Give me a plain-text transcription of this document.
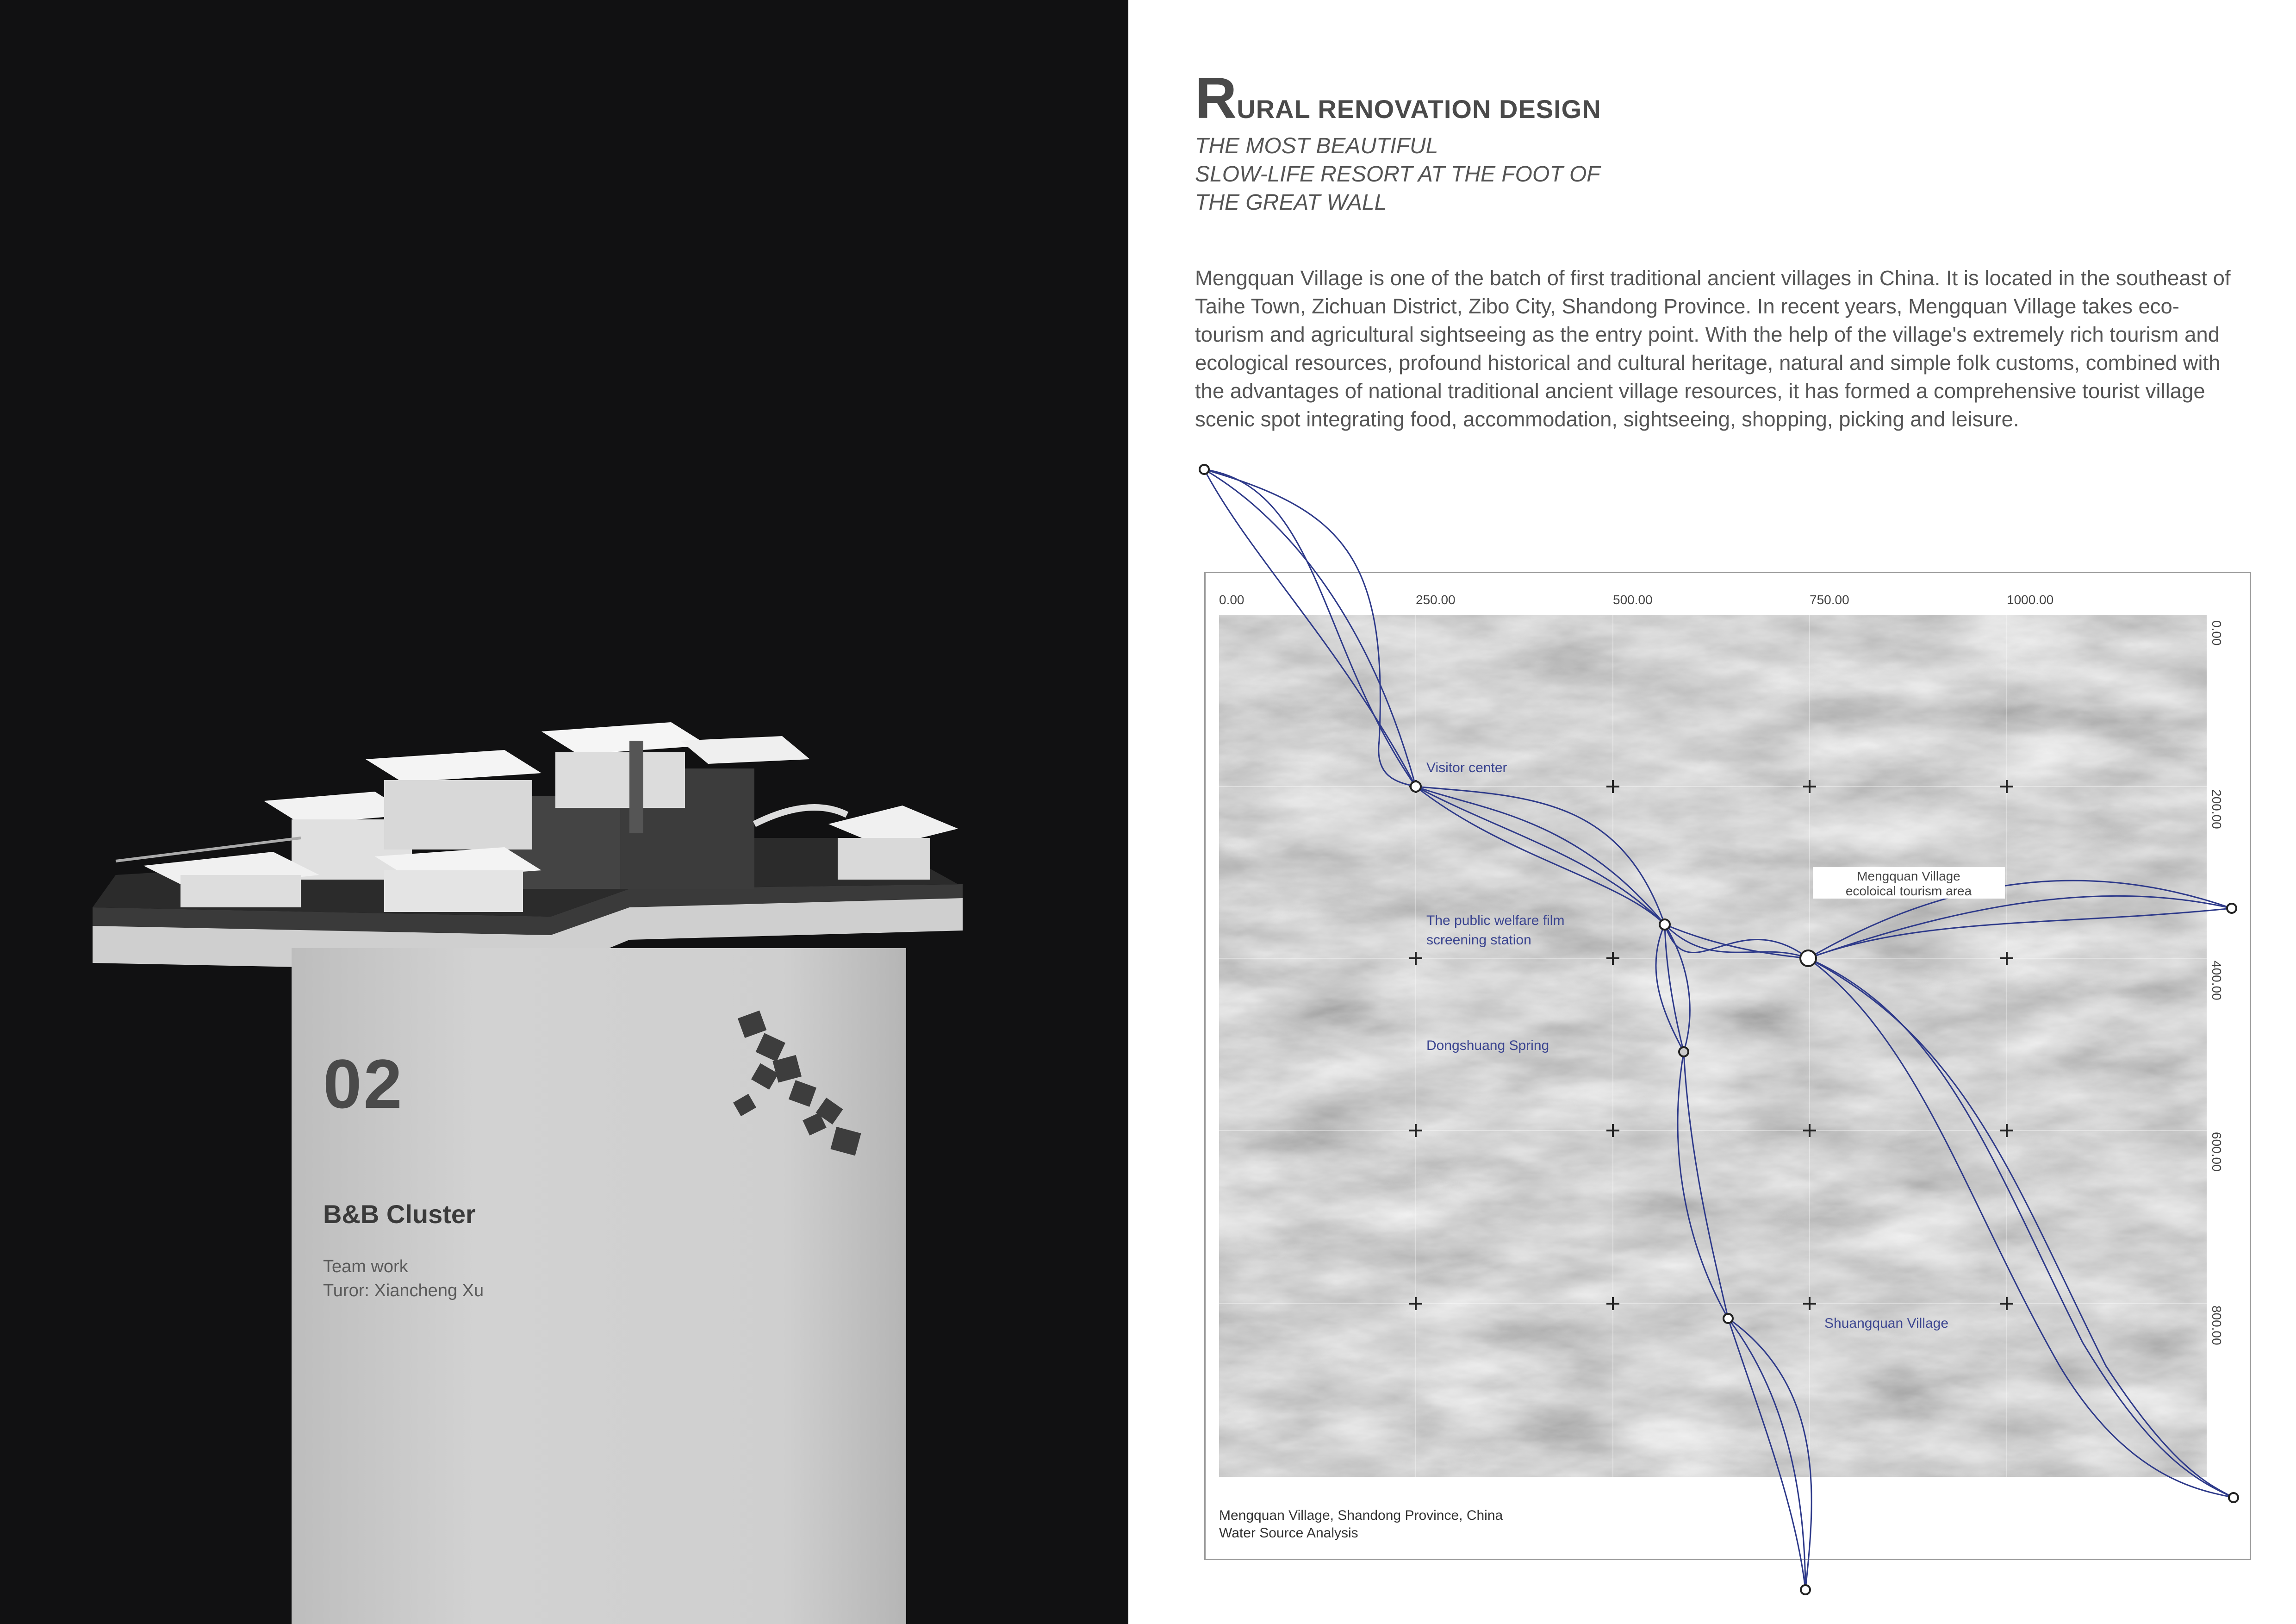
02
B&B Cluster
Team work
Turor: Xiancheng Xu
RURAL RENOVATION DESIGN
THE MOST BEAUTIFUL
SLOW-LIFE RESORT AT THE FOOT OF
THE GREAT WALL
Mengquan Village is one of the batch of first traditional ancient villages in China. It is located in the southeast of Taihe Town, Zichuan District, Zibo City, Shandong Province. In recent years, Mengquan Village takes eco-tourism and agricultural sightseeing as the entry point. With the help of the village's extremely rich tourism and ecological resources, profound historical and cultural heritage, natural and simple folk customs, combined with the advantages of national traditional ancient village resources, it has formed a comprehensive tourist village scenic spot integrating food, accommodation, sightseeing, shopping, picking and leisure.
Mengquan Village, Shandong Province, China
Water Source Analysis
0.00	250.00	500.00	750.00	1000.00
0.00
200.00
400.00
600.00
800.00
Visitor center
The public welfare film
screening station
Dongshuang Spring
Shuangquan Village
Mengquan Village
ecoloical tourism area
